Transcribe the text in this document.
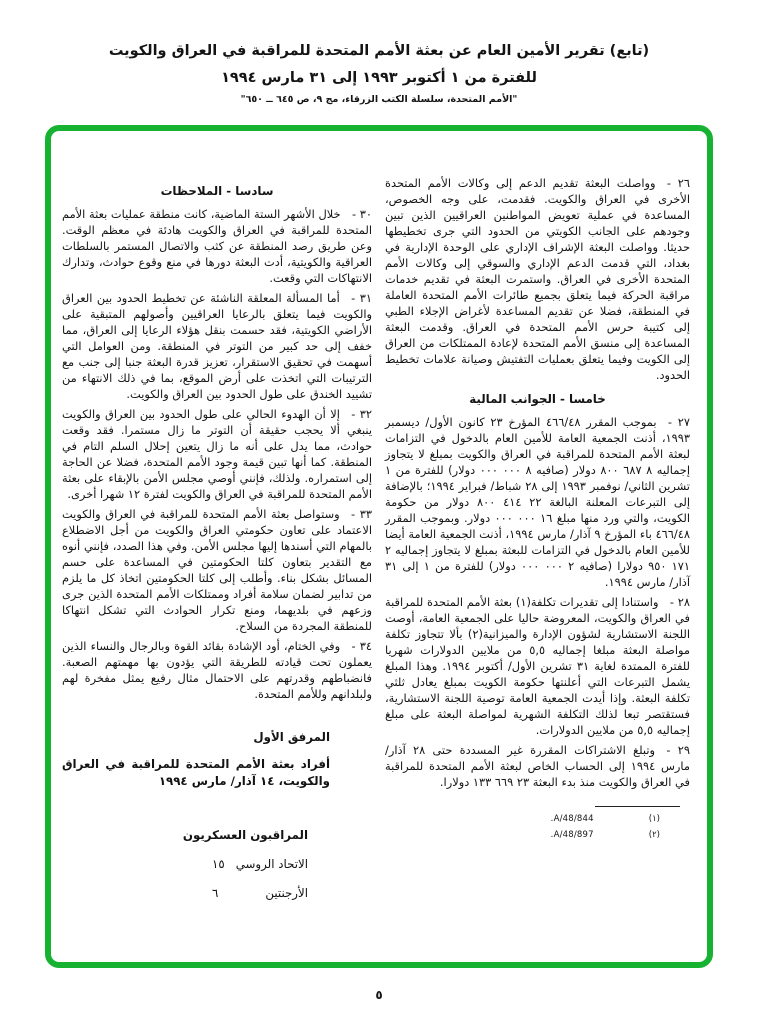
(تابع) تقرير الأمين العام عن بعثة الأمم المتحدة للمراقبة في العراق والكويت
للفترة من ١ أكتوبر ١٩٩٣ إلى ٣١ مارس ١٩٩٤
"الأمم المتحدة، سلسلة الكتب الزرقاء، مج ٩، ص ٦٤٥ ــ ٦٥٠"

٢٦ - وواصلت البعثة تقديم الدعم إلى وكالات الأمم المتحدة الأخرى في العراق والكويت. فقدمت، على وجه الخصوص، المساعدة في عملية تعويض المواطنين العراقيين الذين تبين وجودهم على الجانب الكويتي من الحدود التي جرى تخطيطها حديثا. وواصلت البعثة الإشراف الإداري على الوحدة الإدارية في بغداد، التي قدمت الدعم الإداري والسوقي إلى وكالات الأمم المتحدة الأخرى في العراق. واستمرت البعثة في تقديم خدمات مراقبة الحركة فيما يتعلق بجميع طائرات الأمم المتحدة العاملة في المنطقة، فضلا عن تقديم المساعدة لأغراض الإجلاء الطبي إلى كتيبة حرس الأمم المتحدة في العراق. وقدمت البعثة المساعدة إلى منسق الأمم المتحدة لإعادة الممتلكات من العراق إلى الكويت وفيما يتعلق بعمليات التفتيش وصيانة علامات تخطيط الحدود.

خامسا - الجوانب المالية

٢٧ - بموجب المقرر ٤٦٦/٤٨ المؤرخ ٢٣ كانون الأول/ ديسمبر ١٩٩٣، أذنت الجمعية العامة للأمين العام بالدخول في التزامات لبعثة الأمم المتحدة للمراقبة في العراق والكويت بمبلغ لا يتجاوز إجماليه ‪٨ ٦٨٧ ٨٠٠‬ دولار (صافيه ‪٨ ٠٠٠ ٠٠٠‬ دولار) للفترة من ١ تشرين الثاني/ نوفمبر ١٩٩٣ إلى ٢٨ شباط/ فبراير ١٩٩٤؛ بالإضافة إلى التبرعات المعلنة البالغة ‪٢٢ ٤١٤ ٨٠٠‬ دولار من حكومة الكويت، والتي ورد منها مبلغ ‪١٦ ٠٠٠ ٠٠٠‬ دولار. وبموجب المقرر ٤٦٦/٤٨ باء المؤرخ ٩ آذار/ مارس ١٩٩٤، أذنت الجمعية العامة أيضا للأمين العام بالدخول في التزامات للبعثة بمبلغ لا يتجاوز إجماليه ‪٢ ١٧١ ٩٥٠‬ دولارا (صافيه ‪٢ ٠٠٠ ٠٠٠‬ دولار) للفترة من ١ إلى ٣١ آذار/ مارس ١٩٩٤.

٢٨ - واستنادا إلى تقديرات تكلفة(١) بعثة الأمم المتحدة للمراقبة في العراق والكويت، المعروضة حاليا على الجمعية العامة، أوصت اللجنة الاستشارية لشؤون الإدارة والميزانية(٢) بألا تتجاوز تكلفة مواصلة البعثة مبلغا إجماليه ٥,٥ من ملايين الدولارات شهريا للفترة الممتدة لغاية ٣١ تشرين الأول/ أكتوبر ١٩٩٤. وهذا المبلغ يشمل التبرعات التي أعلنتها حكومة الكويت بمبلغ يعادل ثلثي تكلفة البعثة. وإذا أيدت الجمعية العامة توصية اللجنة الاستشارية، فستقتصر تبعا لذلك التكلفة الشهرية لمواصلة البعثة على مبلغ إجماليه ٥,٥ من ملايين الدولارات.

٢٩ - وتبلغ الاشتراكات المقررة غير المسددة حتى ٢٨ آذار/ مارس ١٩٩٤ إلى الحساب الخاص لبعثة الأمم المتحدة للمراقبة في العراق والكويت منذ بدء البعثة ‪٢٣ ٦٦٩ ١٣٣‬ دولارا.

(١)
A/48/844.
(٢)
A/48/897.
سادسا - الملاحظات

٣٠ - خلال الأشهر الستة الماضية، كانت منطقة عمليات بعثة الأمم المتحدة للمراقبة في العراق والكويت هادئة في معظم الوقت. وعن طريق رصد المنطقة عن كثب والاتصال المستمر بالسلطات العراقية والكويتية، أدت البعثة دورها في منع وقوع حوادث، وتدارك الانتهاكات التي وقعت.

٣١ - أما المسألة المعلقة الناشئة عن تخطيط الحدود بين العراق والكويت فيما يتعلق بالرعايا العراقيين وأصولهم المتبقية على الأراضي الكويتية، فقد حسمت بنقل هؤلاء الرعايا إلى العراق، مما خفف إلى حد كبير من التوتر في المنطقة. ومن العوامل التي أسهمت في تحقيق الاستقرار، تعزيز قدرة البعثة جنبا إلى جنب مع الترتيبات التي اتخذت على أرض الموقع، بما في ذلك الانتهاء من تشييد الخندق على طول الحدود بين العراق والكويت.

٣٢ - إلا أن الهدوء الحالي على طول الحدود بين العراق والكويت ينبغي ألا يحجب حقيقة أن التوتر ما زال مستمرا. فقد وقعت حوادث، مما يدل على أنه ما زال يتعين إحلال السلم التام في المنطقة. كما أنها تبين قيمة وجود الأمم المتحدة، فضلا عن الحاجة إلى استمراره. ولذلك، فإنني أوصي مجلس الأمن بالإبقاء على بعثة الأمم المتحدة للمراقبة في العراق والكويت لفترة ١٢ شهرا أخرى.

٣٣ - وستواصل بعثة الأمم المتحدة للمراقبة في العراق والكويت الاعتماد على تعاون حكومتي العراق والكويت من أجل الاضطلاع بالمهام التي أسندها إليها مجلس الأمن. وفي هذا الصدد، فإنني أنوه مع التقدير بتعاون كلتا الحكومتين في المساعدة على حسم المسائل بشكل بناء. وأطلب إلى كلتا الحكومتين اتخاذ كل ما يلزم من تدابير لضمان سلامة أفراد وممتلكات الأمم المتحدة الذين جرى وزعهم في بلديهما، ومنع تكرار الحوادث التي تشكل انتهاكا للمنطقة المجردة من السلاح.

٣٤ - وفي الختام، أود الإشادة بقائد القوة وبالرجال والنساء الذين يعملون تحت قيادته للطريقة التي يؤدون بها مهمتهم الصعبة. فانضباطهم وقدرتهم على الاحتمال مثال رفيع يمثل مفخرة لهم ولبلدانهم وللأمم المتحدة.

المرفق الأول
أفراد بعثة الأمم المتحدة للمراقبة في العراق والكويت، ١٤ آذار/ مارس ١٩٩٤
المراقبون العسكريون
الاتحاد الروسي
١٥
الأرجنتين
٦
٥
